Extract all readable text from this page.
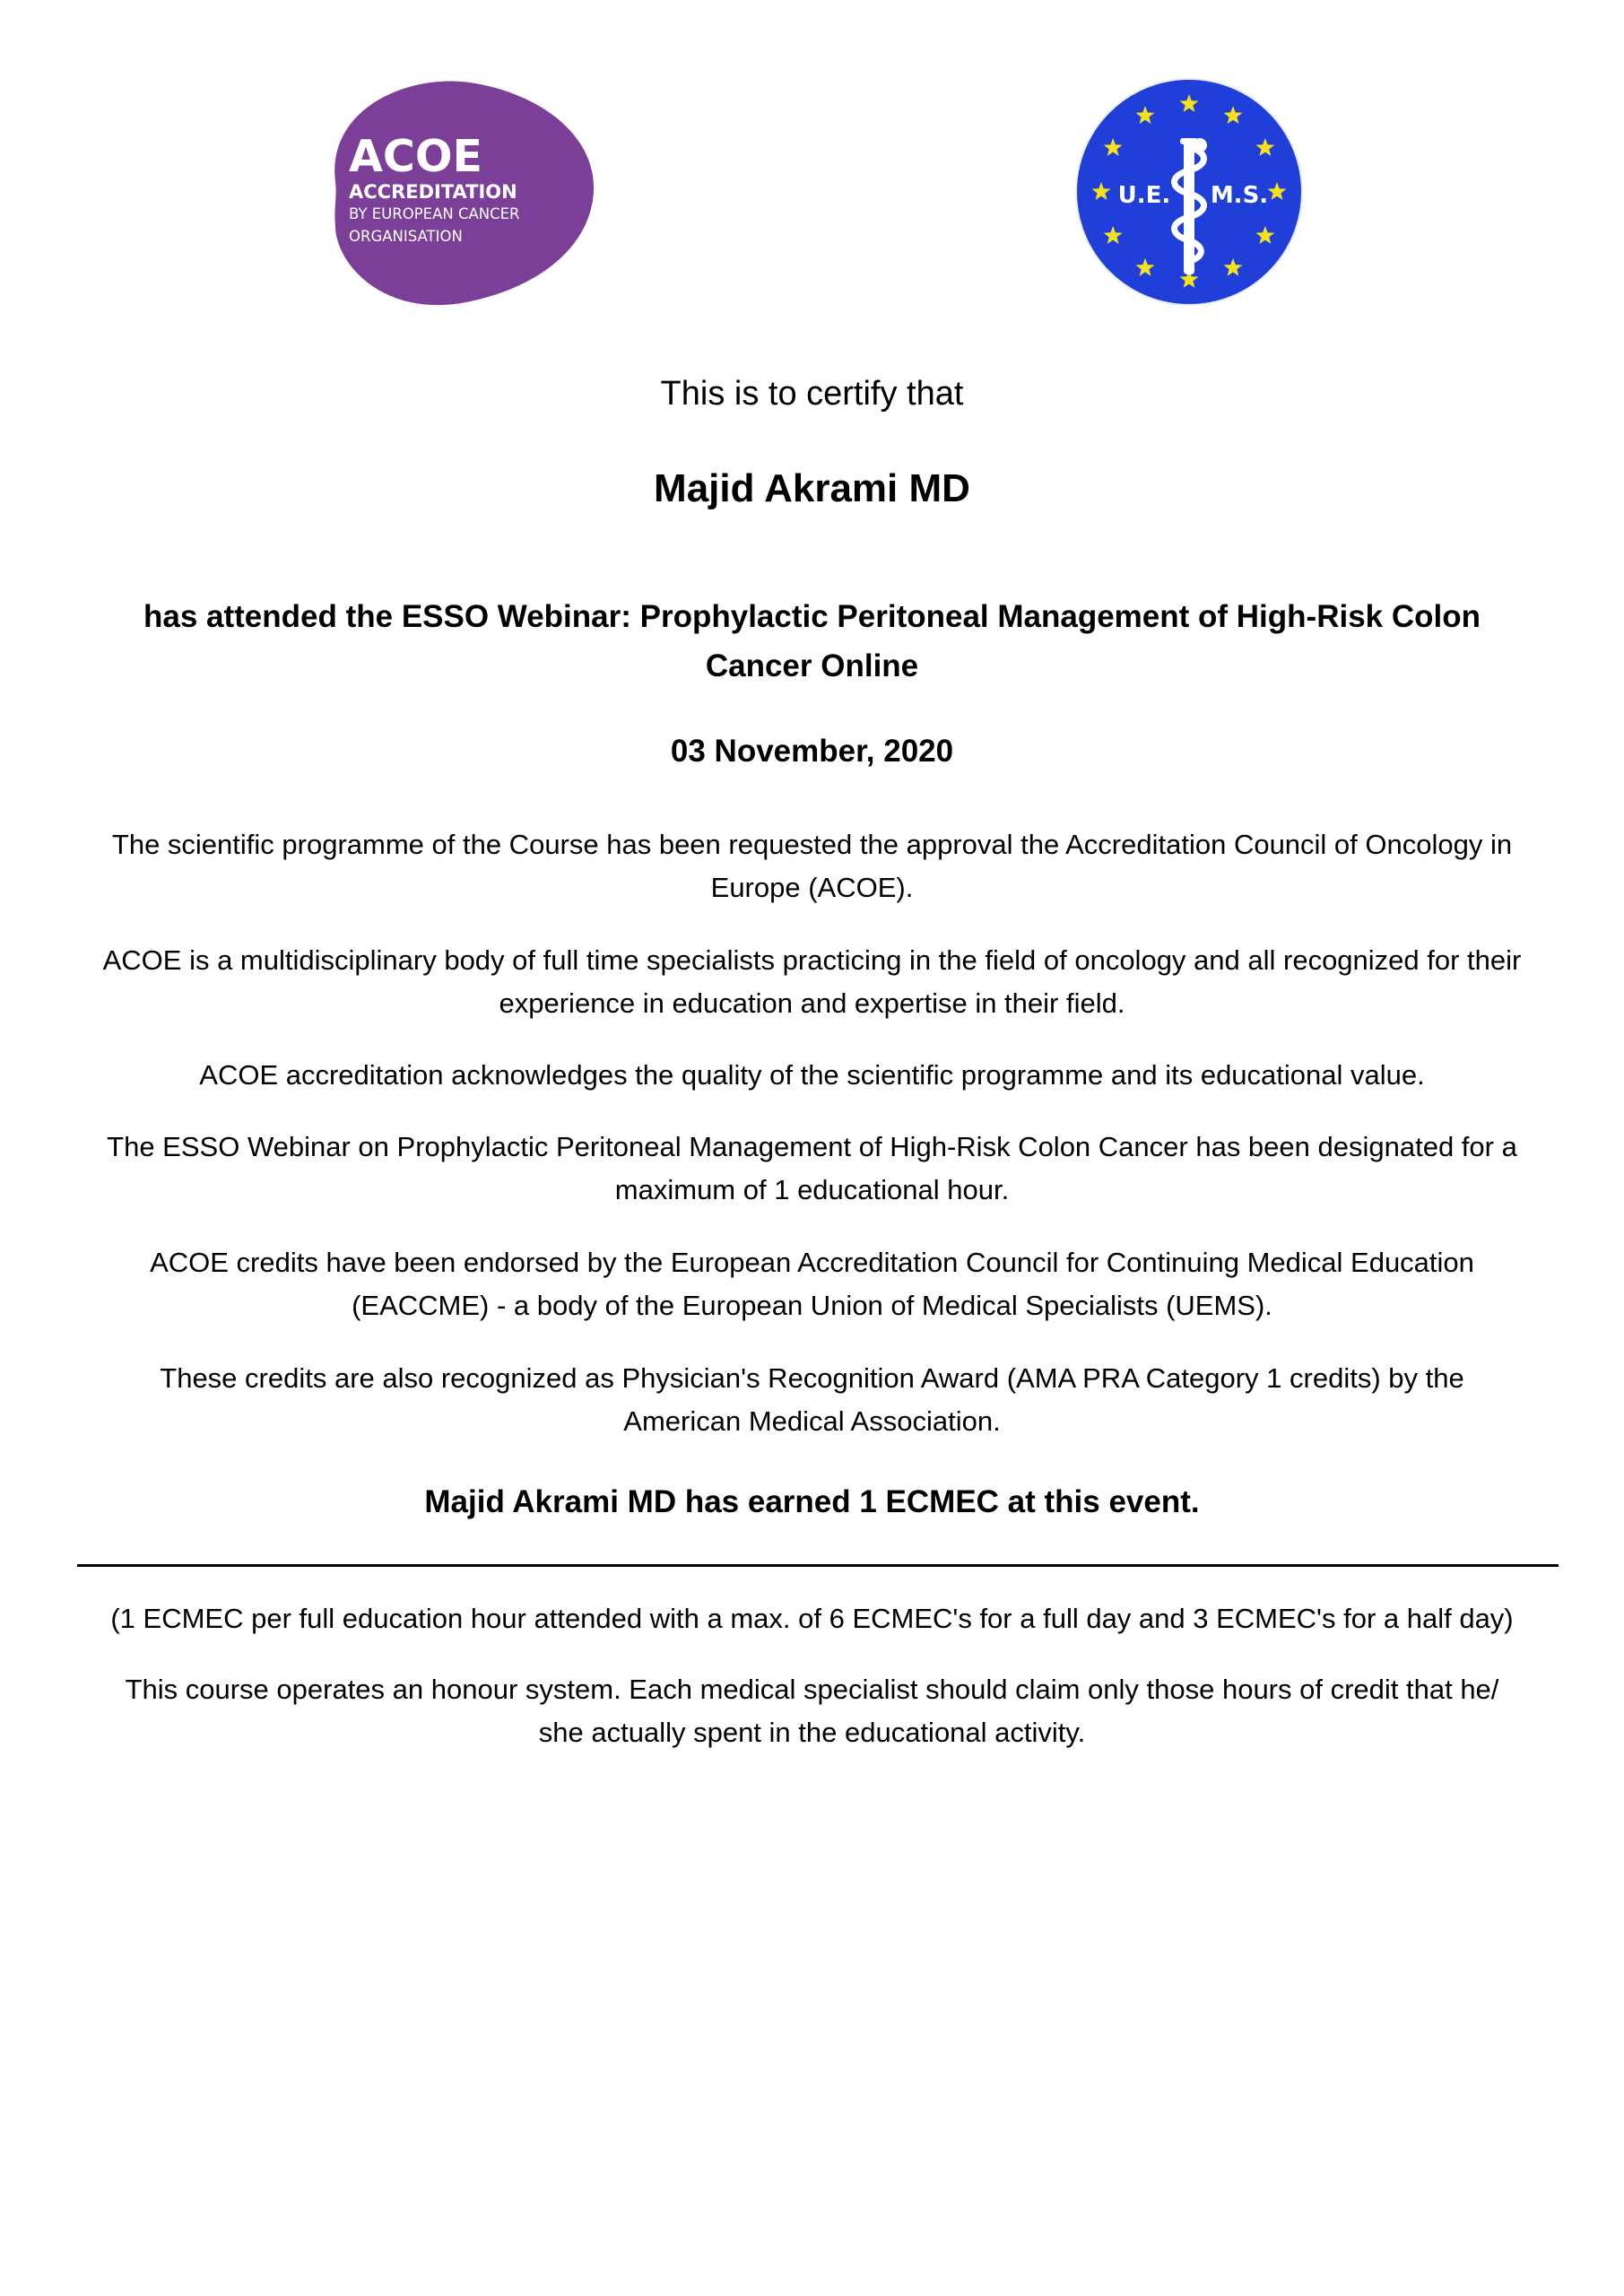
ACOE
ACCREDITATION
BY EUROPEAN CANCER
ORGANISATION
U.E. M.S.
This is to certify that
Majid Akrami MD
has attended the ESSO Webinar: Prophylactic Peritoneal Management of High-Risk Colon
Cancer Online
03 November, 2020
The scientific programme of the Course has been requested the approval the Accreditation Council of Oncology in
Europe (ACOE).
ACOE is a multidisciplinary body of full time specialists practicing in the field of oncology and all recognized for their
experience in education and expertise in their field.
ACOE accreditation acknowledges the quality of the scientific programme and its educational value.
The ESSO Webinar on Prophylactic Peritoneal Management of High-Risk Colon Cancer has been designated for a
maximum of 1 educational hour.
ACOE credits have been endorsed by the European Accreditation Council for Continuing Medical Education
(EACCME) - a body of the European Union of Medical Specialists (UEMS).
These credits are also recognized as Physician's Recognition Award (AMA PRA Category 1 credits) by the
American Medical Association.
Majid Akrami MD has earned 1 ECMEC at this event.
(1 ECMEC per full education hour attended with a max. of 6 ECMEC's for a full day and 3 ECMEC's for a half day)
This course operates an honour system. Each medical specialist should claim only those hours of credit that he/
she actually spent in the educational activity.
